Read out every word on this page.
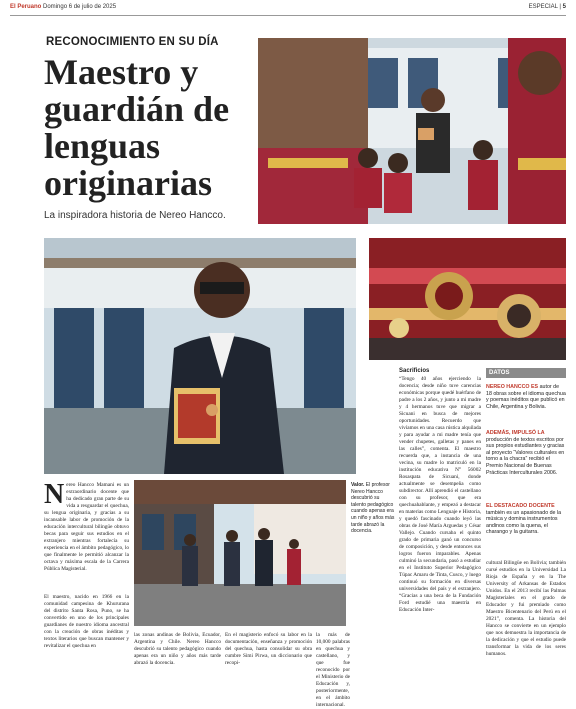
El Peruano Domingo 6 de julio de 2025	ESPECIAL | 5
RECONOCIMIENTO EN SU DÍA
Maestro y guardián de lenguas originarias
La inspiradora historia de Nereo Hancco.
Valor. El profesor Nereo Hancco descubrió su talento pedagógico cuando apenas era un niño y años más tarde abrazó la docencia.
N ereo Hancco Mamani es un extraordinario docente que ha dedicado gran parte de su vida a resguardar el quechua, su lengua originaria, y gracias a su incansable labor de promoción de la educación intercultural bilingüe obtuvo becas para seguir sus estudios en el extranjero mientras fortalecía su experiencia en el ámbito pedagógico, lo que finalmente le permitió alcanzar la octava y máxima escala de la Carrera Pública Magisterial.
El maestro, nacido en 1966 en la comunidad campesina de Khururana del distrito Santa Rosa, Puno, se ha convertido en uno de los principales guardianes de nuestro idioma ancestral con la creación de obras inéditas y textos literarios que buscan mantener y revitalizar el quechua en
las zonas andinas de Bolivia, Ecuador, Argentina y Chile. Nereo Hancco descubrió su talento pedagógico cuando apenas era un niño y años más tarde abrazó la docencia.
En el magisterio enfocó su labor en la documentación, enseñanza y promoción del quechua, hasta consolidar su obra cumbre Simi Pirwa, un diccionario que recopi-
la más de 10,000 palabras en quechua y castellano, y que fue reconocido por el Ministerio de Educación y, posteriormente, en el ámbito internacional.
Sacrificios
“Tengo 40 años ejerciendo la docencia; desde niño tuve carencias económicas porque quedé huérfano de padre a los 2 años, y junto a mi madre y 4 hermanos tuve que migrar a Sicuani en busca de mejores oportunidades. Recuerdo que vivíamos en una casa rústica alquilada y para ayudar a mi madre tenía que vender chupetes, galletas y panes en las calles”, comenta. El maestro recuerda que, a instancia de una vecina, su madre lo matriculó en la institución educativa N° 56002 Rosaspata de Sicuani, donde actualmente se desempeña como subdirector. Allí aprendió el castellano con su profesor, que era quechuahablante, y empezó a destacar en materias como Lenguaje e Historia, y quedó fascinado cuando leyó las obras de José María Arguedas y César Vallejo. Cuando cursaba el quinto grado de primaria ganó un concurso de composición, y desde entonces sus logros fueron imparables. Apenas culminó la secundaria, pasó a estudiar en el Instituto Superior Pedagógico Túpac Amaru de Tinta, Cusco, y luego continuó su formación en diversas universidades del país y el extranjero. “Gracias a una beca de la Fundación Ford estudié una maestría en Educación Inter-
DATOS
NEREO HANCCO ES autor de 18 obras sobre el idioma quechua y poemas inéditos que publicó en Chile, Argentina y Bolivia.
ADEMÁS, IMPULSÓ LA producción de textos escritos por sus propios estudiantes y gracias al proyecto “Valores culturales en torno a la chacra” recibió el Premio Nacional de Buenas Prácticas Interculturales 2006.
EL DESTACADO DOCENTE también es un apasionado de la música y domina instrumentos andinos como la quena, el charango y la guitarra.
cultural Bilingüe en Bolivia; también cursé estudios en la Universidad La Rioja de España y en la The University of Arkansas de Estados Unidos. En el 2013 recibí las Palmas Magisteriales en el grado de Educador y fui premiado como Maestro Bicentenario del Perú en el 2021”, comenta. La historia del Hancco se convierte en un ejemplo que nos demuestra la importancia de la dedicación y que el estudio puede transformar la vida de los seres humanos.
